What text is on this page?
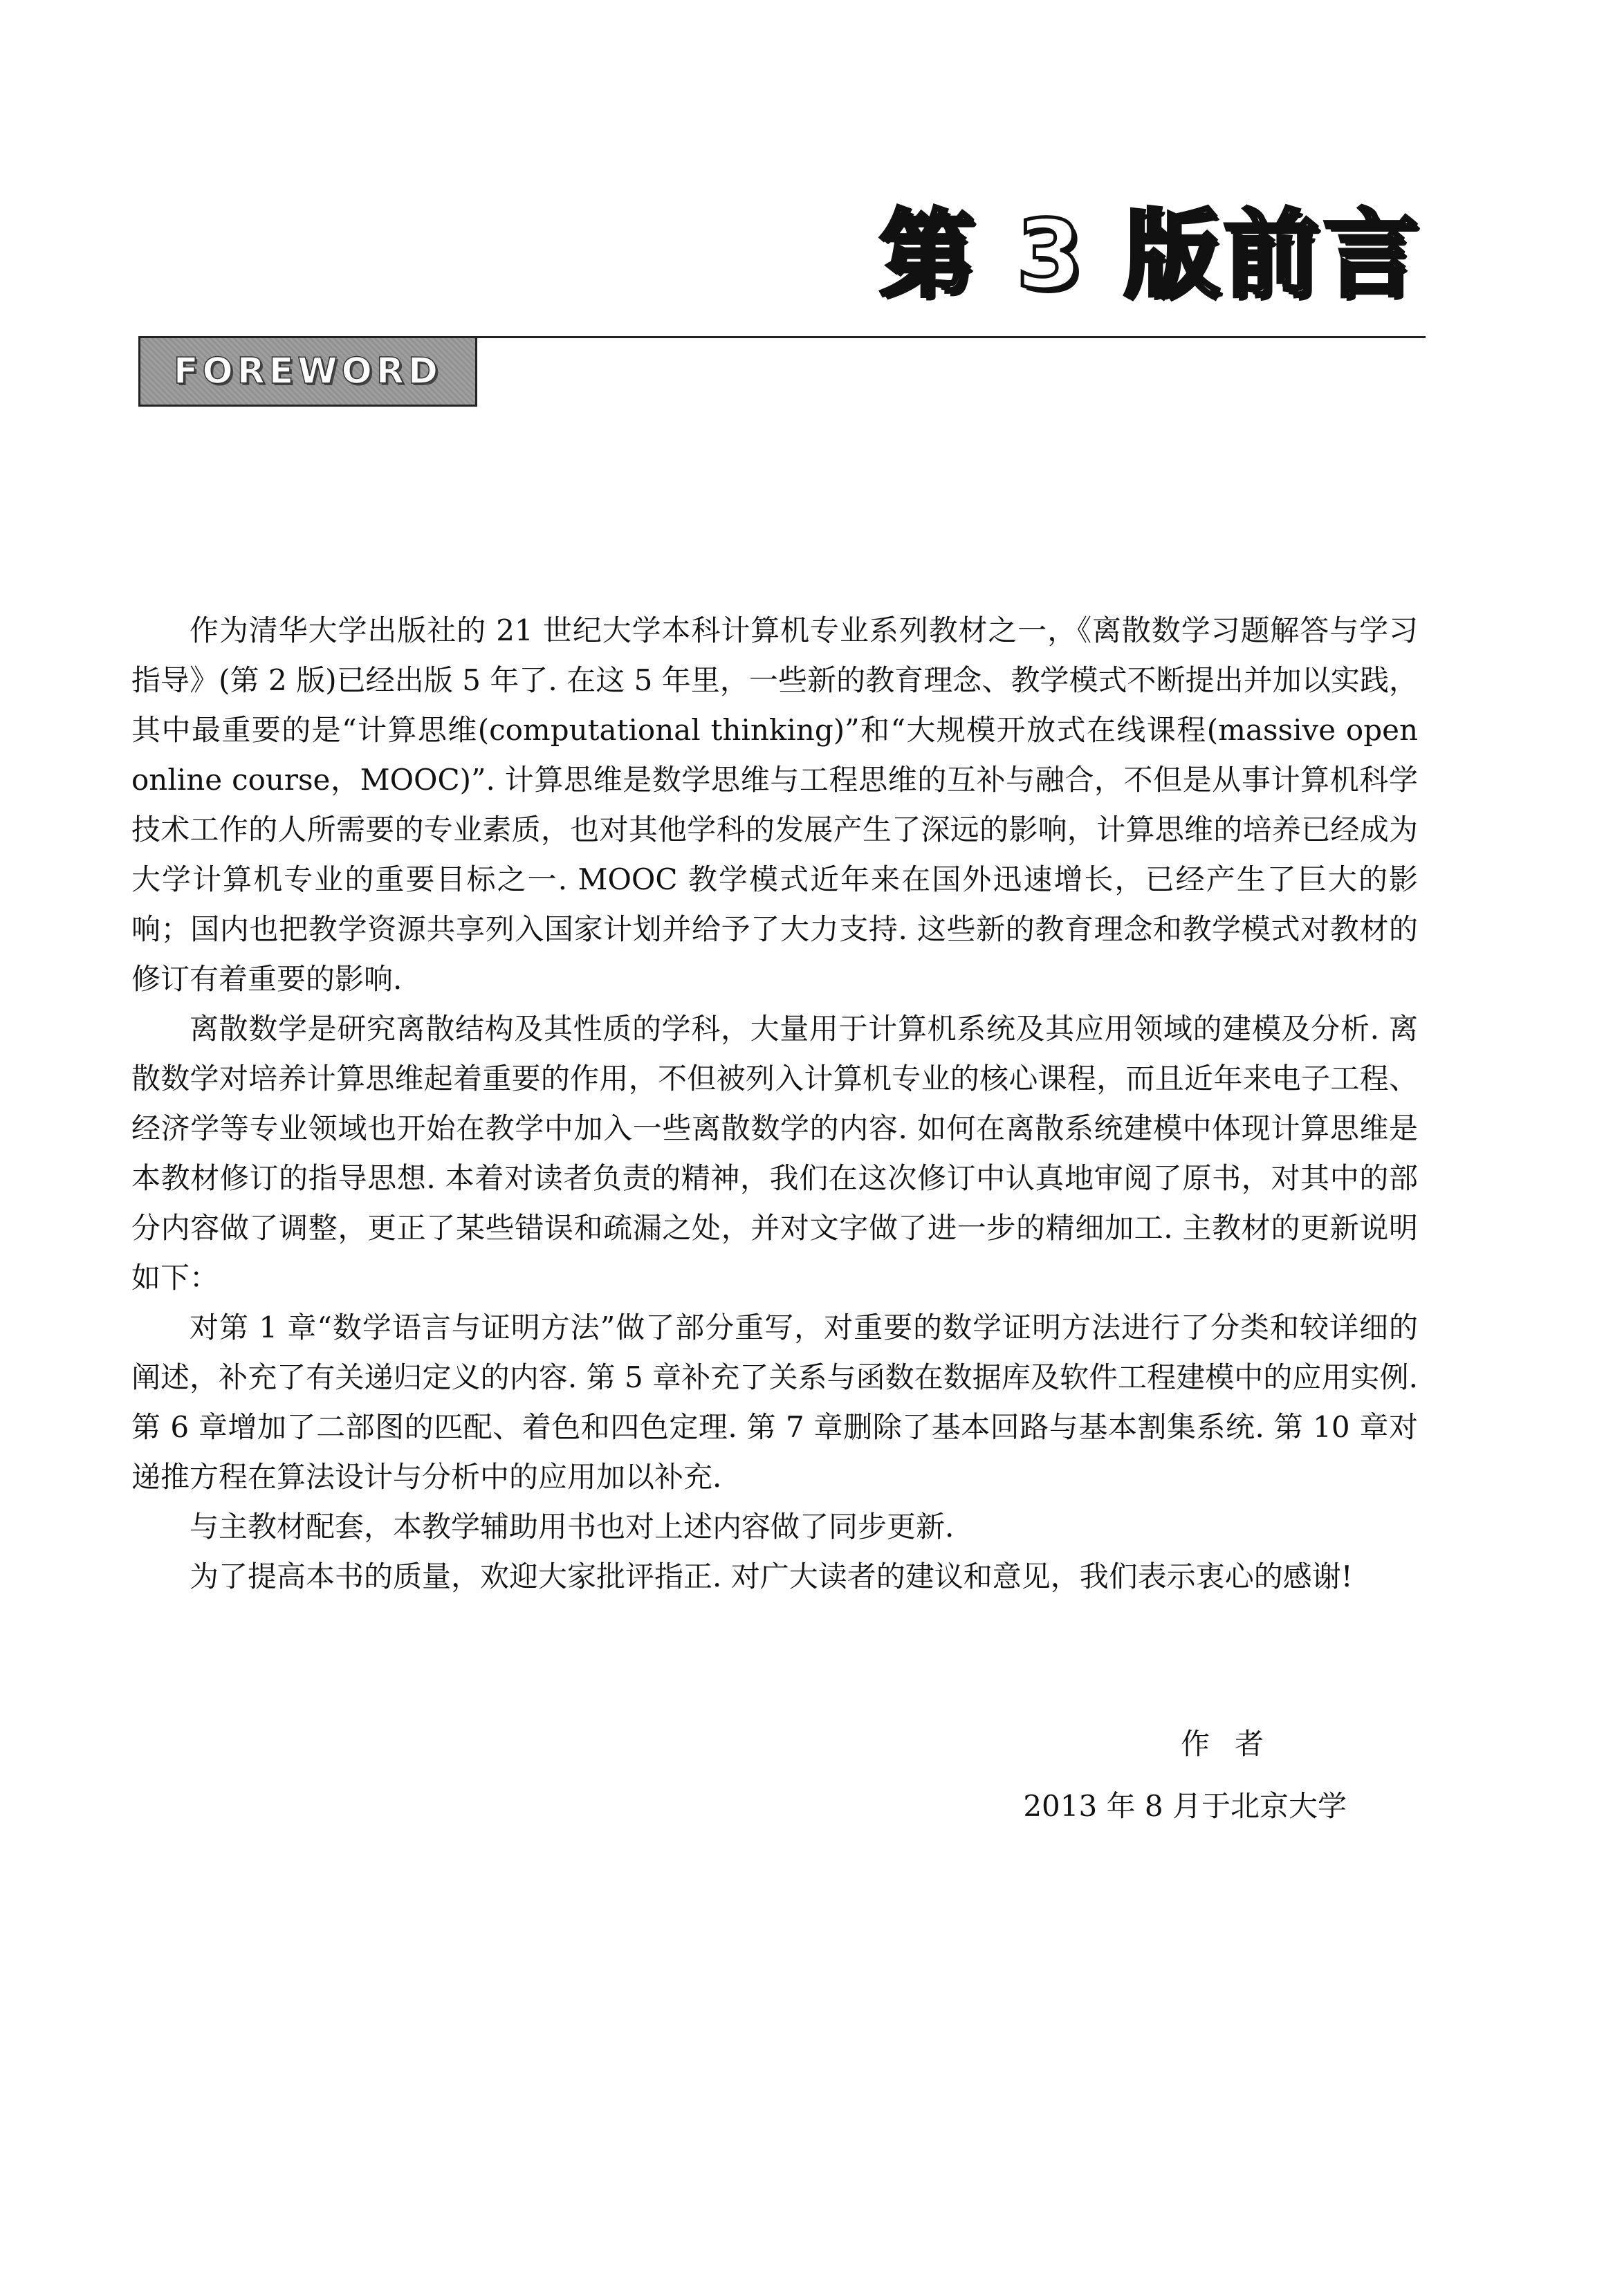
第 3 版前言
FOREWORD

作为清华大学出版社的 21 世纪大学本科计算机专业系列教材之一，《离散数学习题解答与学习指导》(第 2 版)已经出版 5 年了. 在这 5 年里，一些新的教育理念、教学模式不断提出并加以实践，其中最重要的是“计算思维(computational thinking)”和“大规模开放式在线课程(massive open online course，MOOC)”. 计算思维是数学思维与工程思维的互补与融合，不但是从事计算机科学技术工作的人所需要的专业素质，也对其他学科的发展产生了深远的影响，计算思维的培养已经成为大学计算机专业的重要目标之一. MOOC 教学模式近年来在国外迅速增长，已经产生了巨大的影响；国内也把教学资源共享列入国家计划并给予了大力支持. 这些新的教育理念和教学模式对教材的修订有着重要的影响.

离散数学是研究离散结构及其性质的学科，大量用于计算机系统及其应用领域的建模及分析. 离散数学对培养计算思维起着重要的作用，不但被列入计算机专业的核心课程，而且近年来电子工程、经济学等专业领域也开始在教学中加入一些离散数学的内容. 如何在离散系统建模中体现计算思维是本教材修订的指导思想. 本着对读者负责的精神，我们在这次修订中认真地审阅了原书，对其中的部分内容做了调整，更正了某些错误和疏漏之处，并对文字做了进一步的精细加工. 主教材的更新说明如下：

对第 1 章“数学语言与证明方法”做了部分重写，对重要的数学证明方法进行了分类和较详细的阐述，补充了有关递归定义的内容. 第 5 章补充了关系与函数在数据库及软件工程建模中的应用实例. 第 6 章增加了二部图的匹配、着色和四色定理. 第 7 章删除了基本回路与基本割集系统. 第 10 章对递推方程在算法设计与分析中的应用加以补充.

与主教材配套，本教学辅助用书也对上述内容做了同步更新.

为了提高本书的质量，欢迎大家批评指正. 对广大读者的建议和意见，我们表示衷心的感谢!

作者
2013 年 8 月于北京大学
